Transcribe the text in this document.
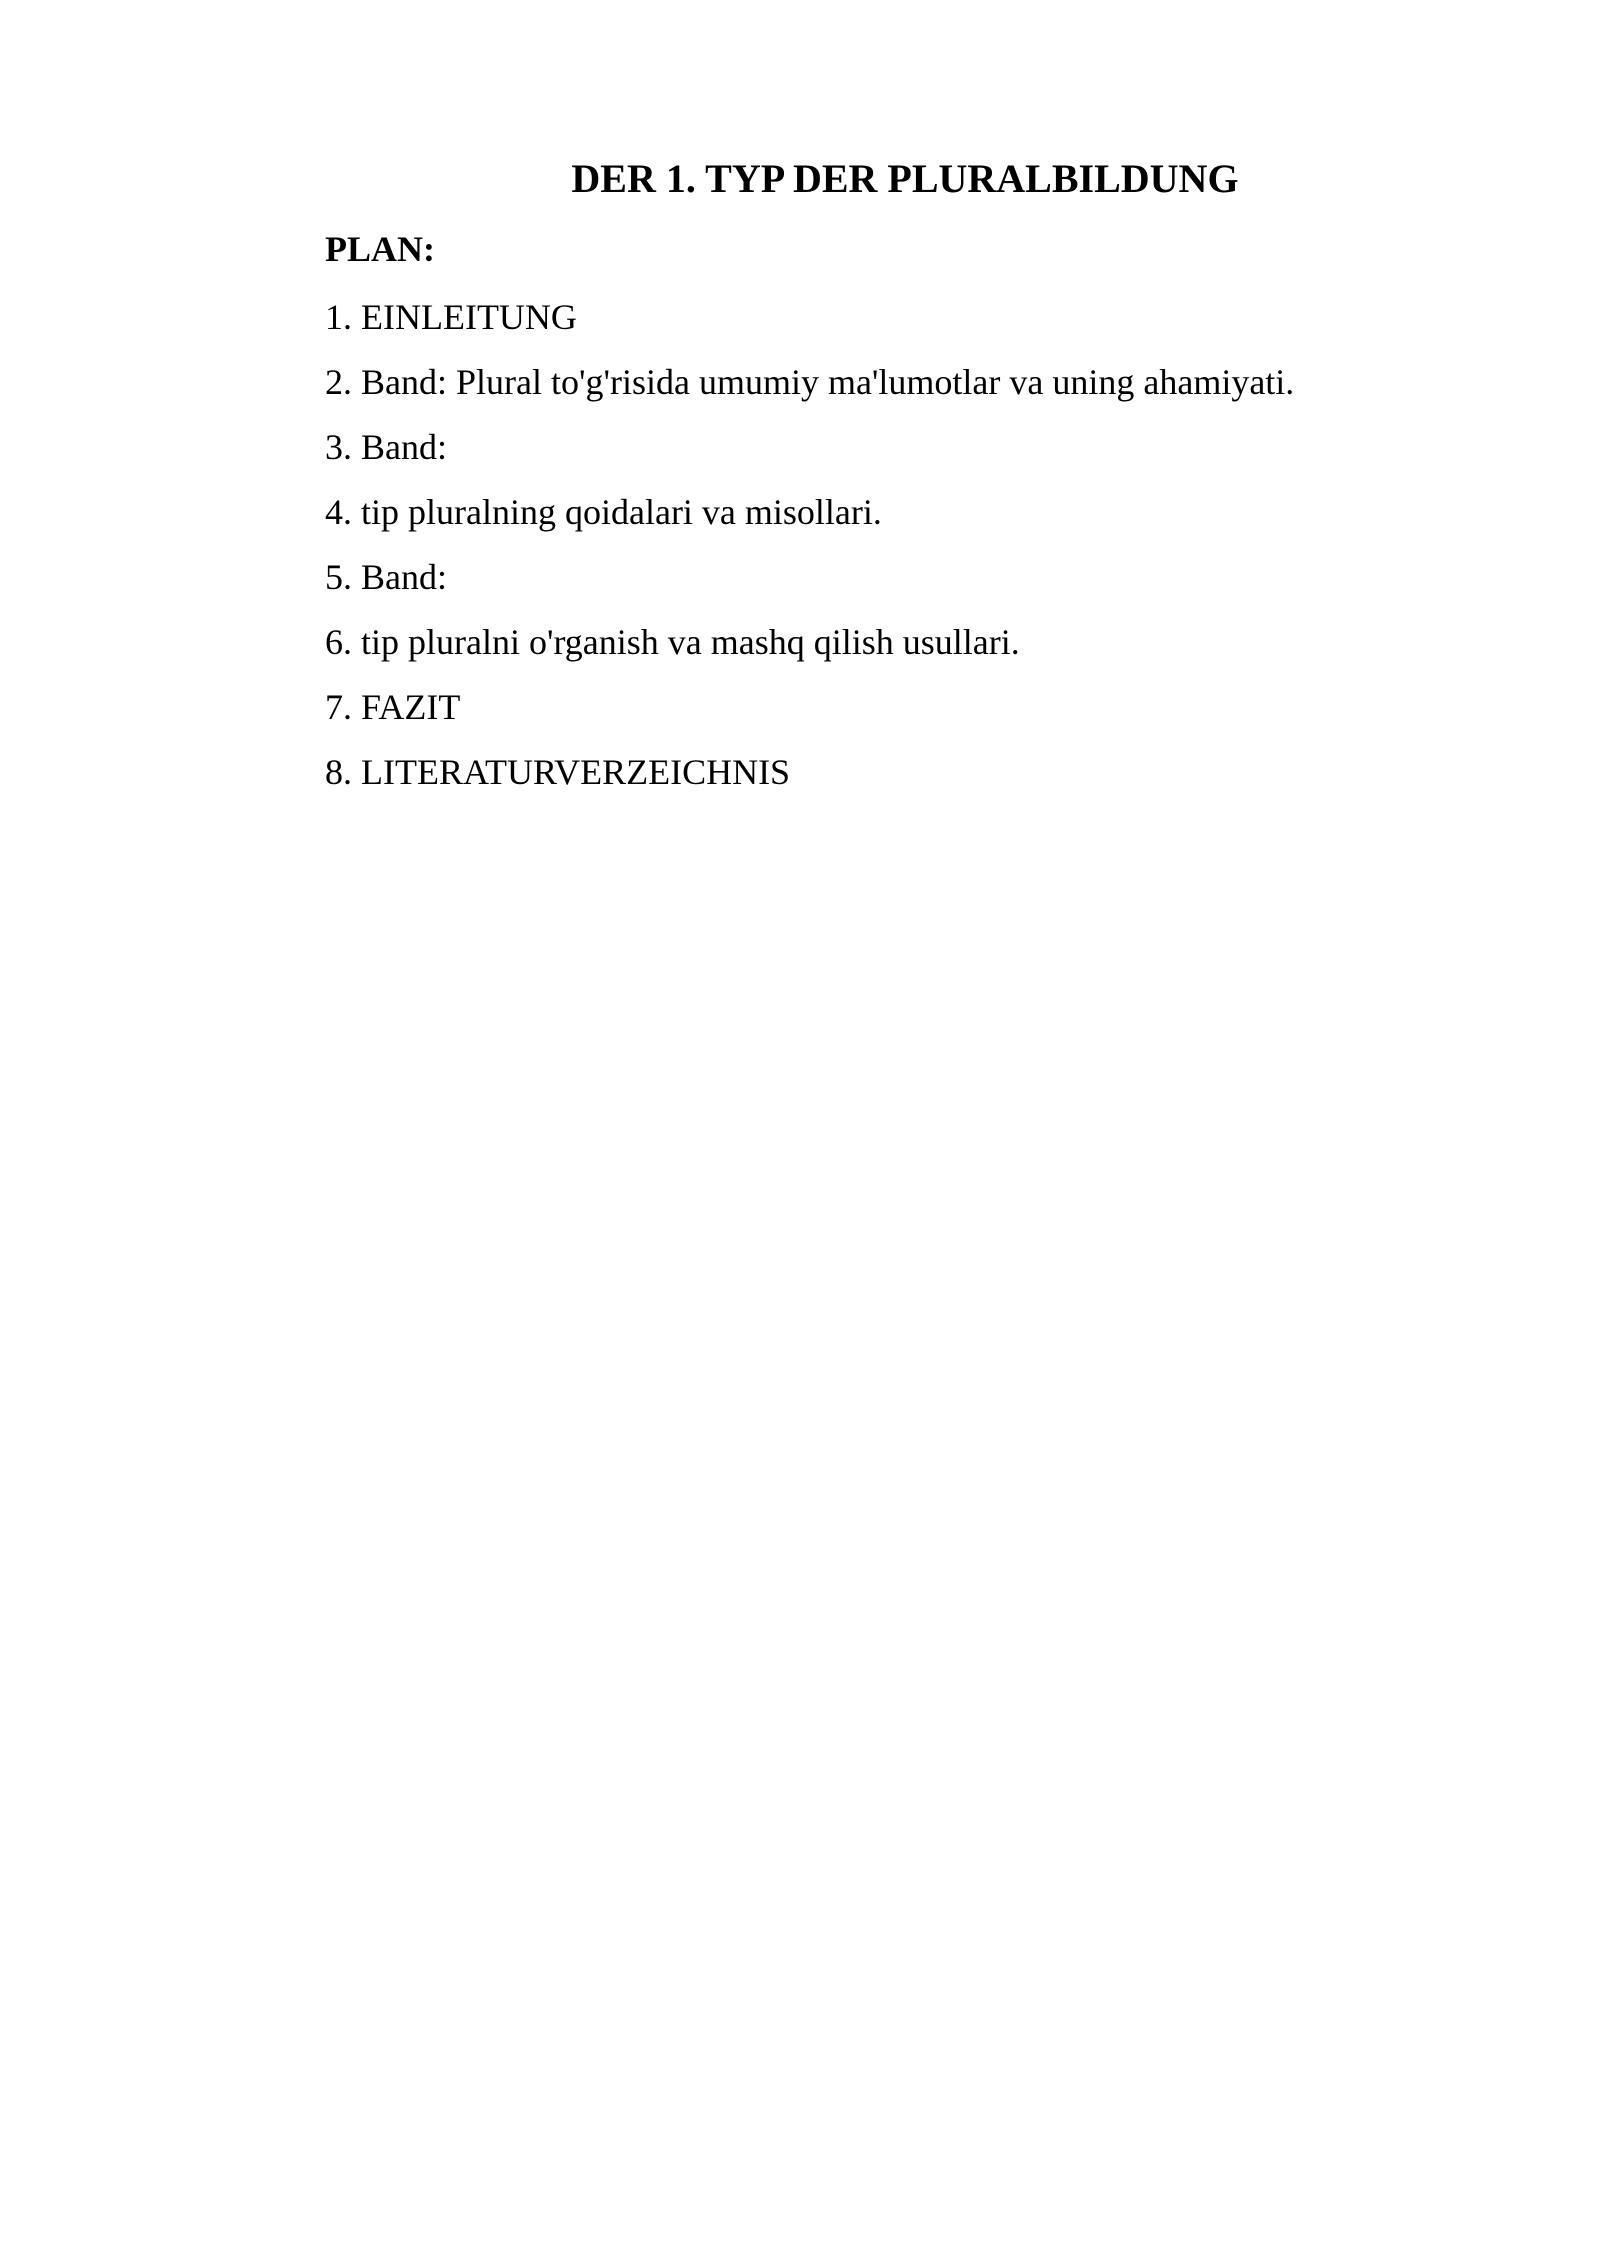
DER 1. TYP DER PLURALBILDUNG

PLAN:

1. EINLEITUNG
2. Band: Plural to'g'risida umumiy ma'lumotlar va uning ahamiyati.
3. Band:
4. tip pluralning qoidalari va misollari.
5. Band:
6. tip pluralni o'rganish va mashq qilish usullari.
7. FAZIT
8. LITERATURVERZEICHNIS
